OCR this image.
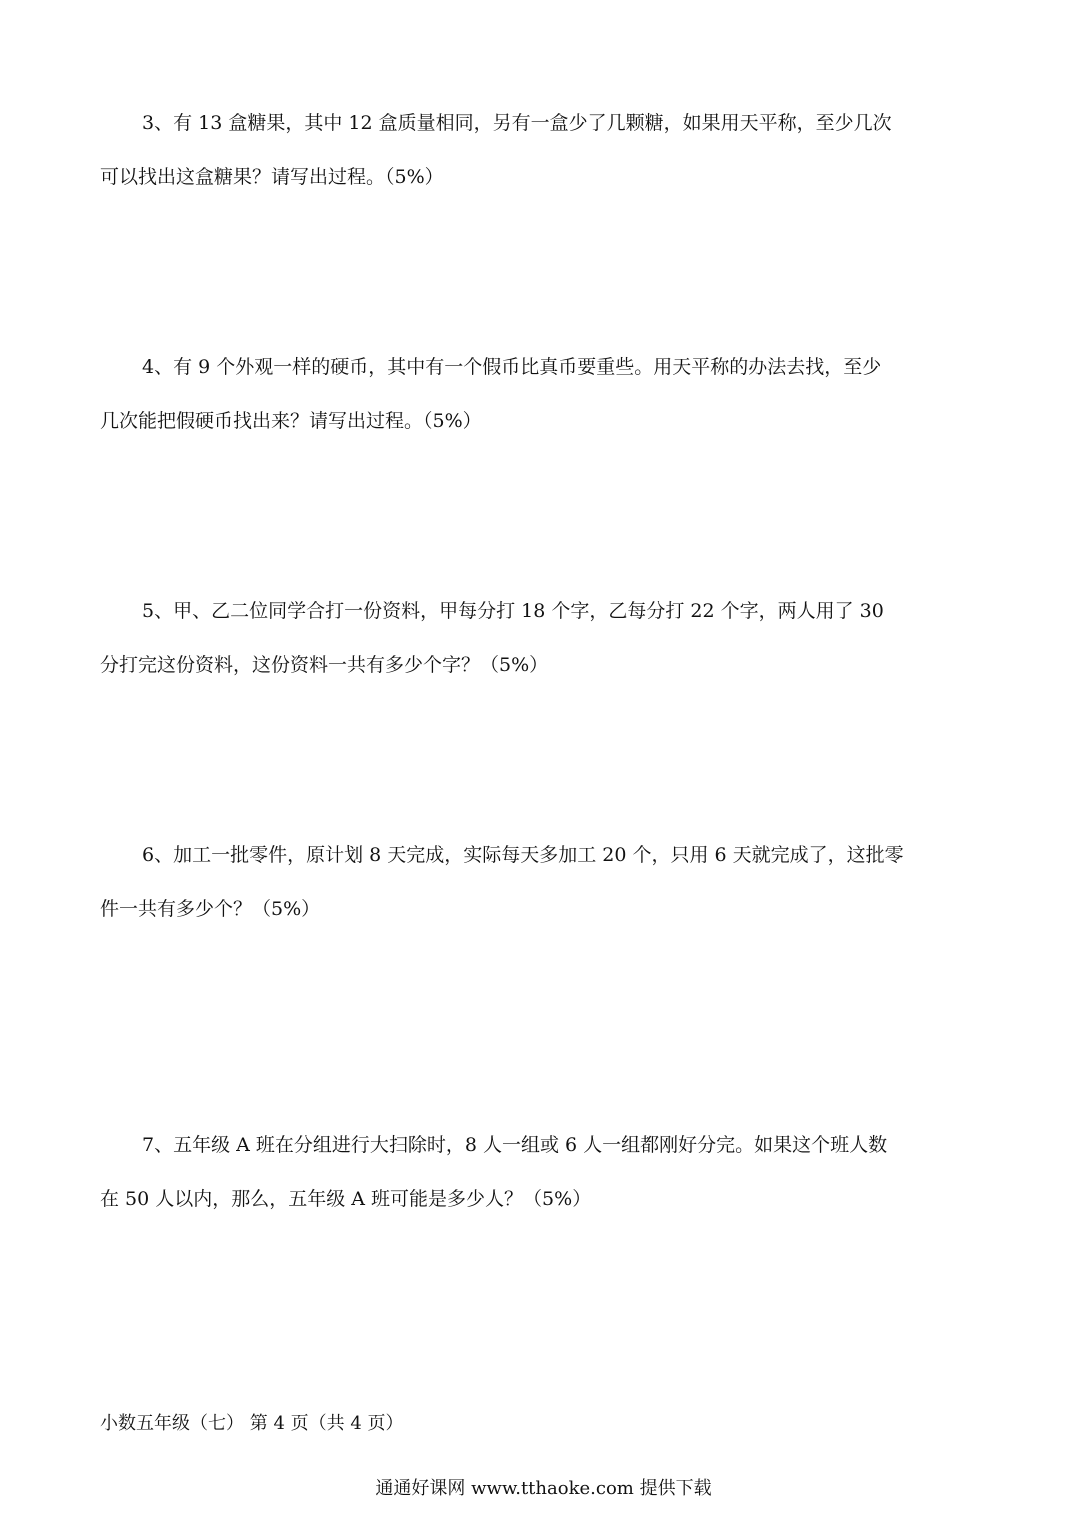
3、有 13 盒糖果，其中 12 盒质量相同，另有一盒少了几颗糖，如果用天平称，至少几次
可以找出这盒糖果？请写出过程。（5%）

4、有 9 个外观一样的硬币，其中有一个假币比真币要重些。用天平称的办法去找，至少
几次能把假硬币找出来？请写出过程。（5%）

5、甲、乙二位同学合打一份资料，甲每分打 18 个字，乙每分打 22 个字，两人用了 30
分打完这份资料，这份资料一共有多少个字？（5%）

6、加工一批零件，原计划 8 天完成，实际每天多加工 20 个，只用 6 天就完成了，这批零
件一共有多少个？（5%）

7、五年级 A 班在分组进行大扫除时，8 人一组或 6 人一组都刚好分完。如果这个班人数
在 50 人以内，那么，五年级 A 班可能是多少人？（5%）

小数五年级（七） 第 4 页（共 4 页）
通通好课网 www.tthaoke.com 提供下载
